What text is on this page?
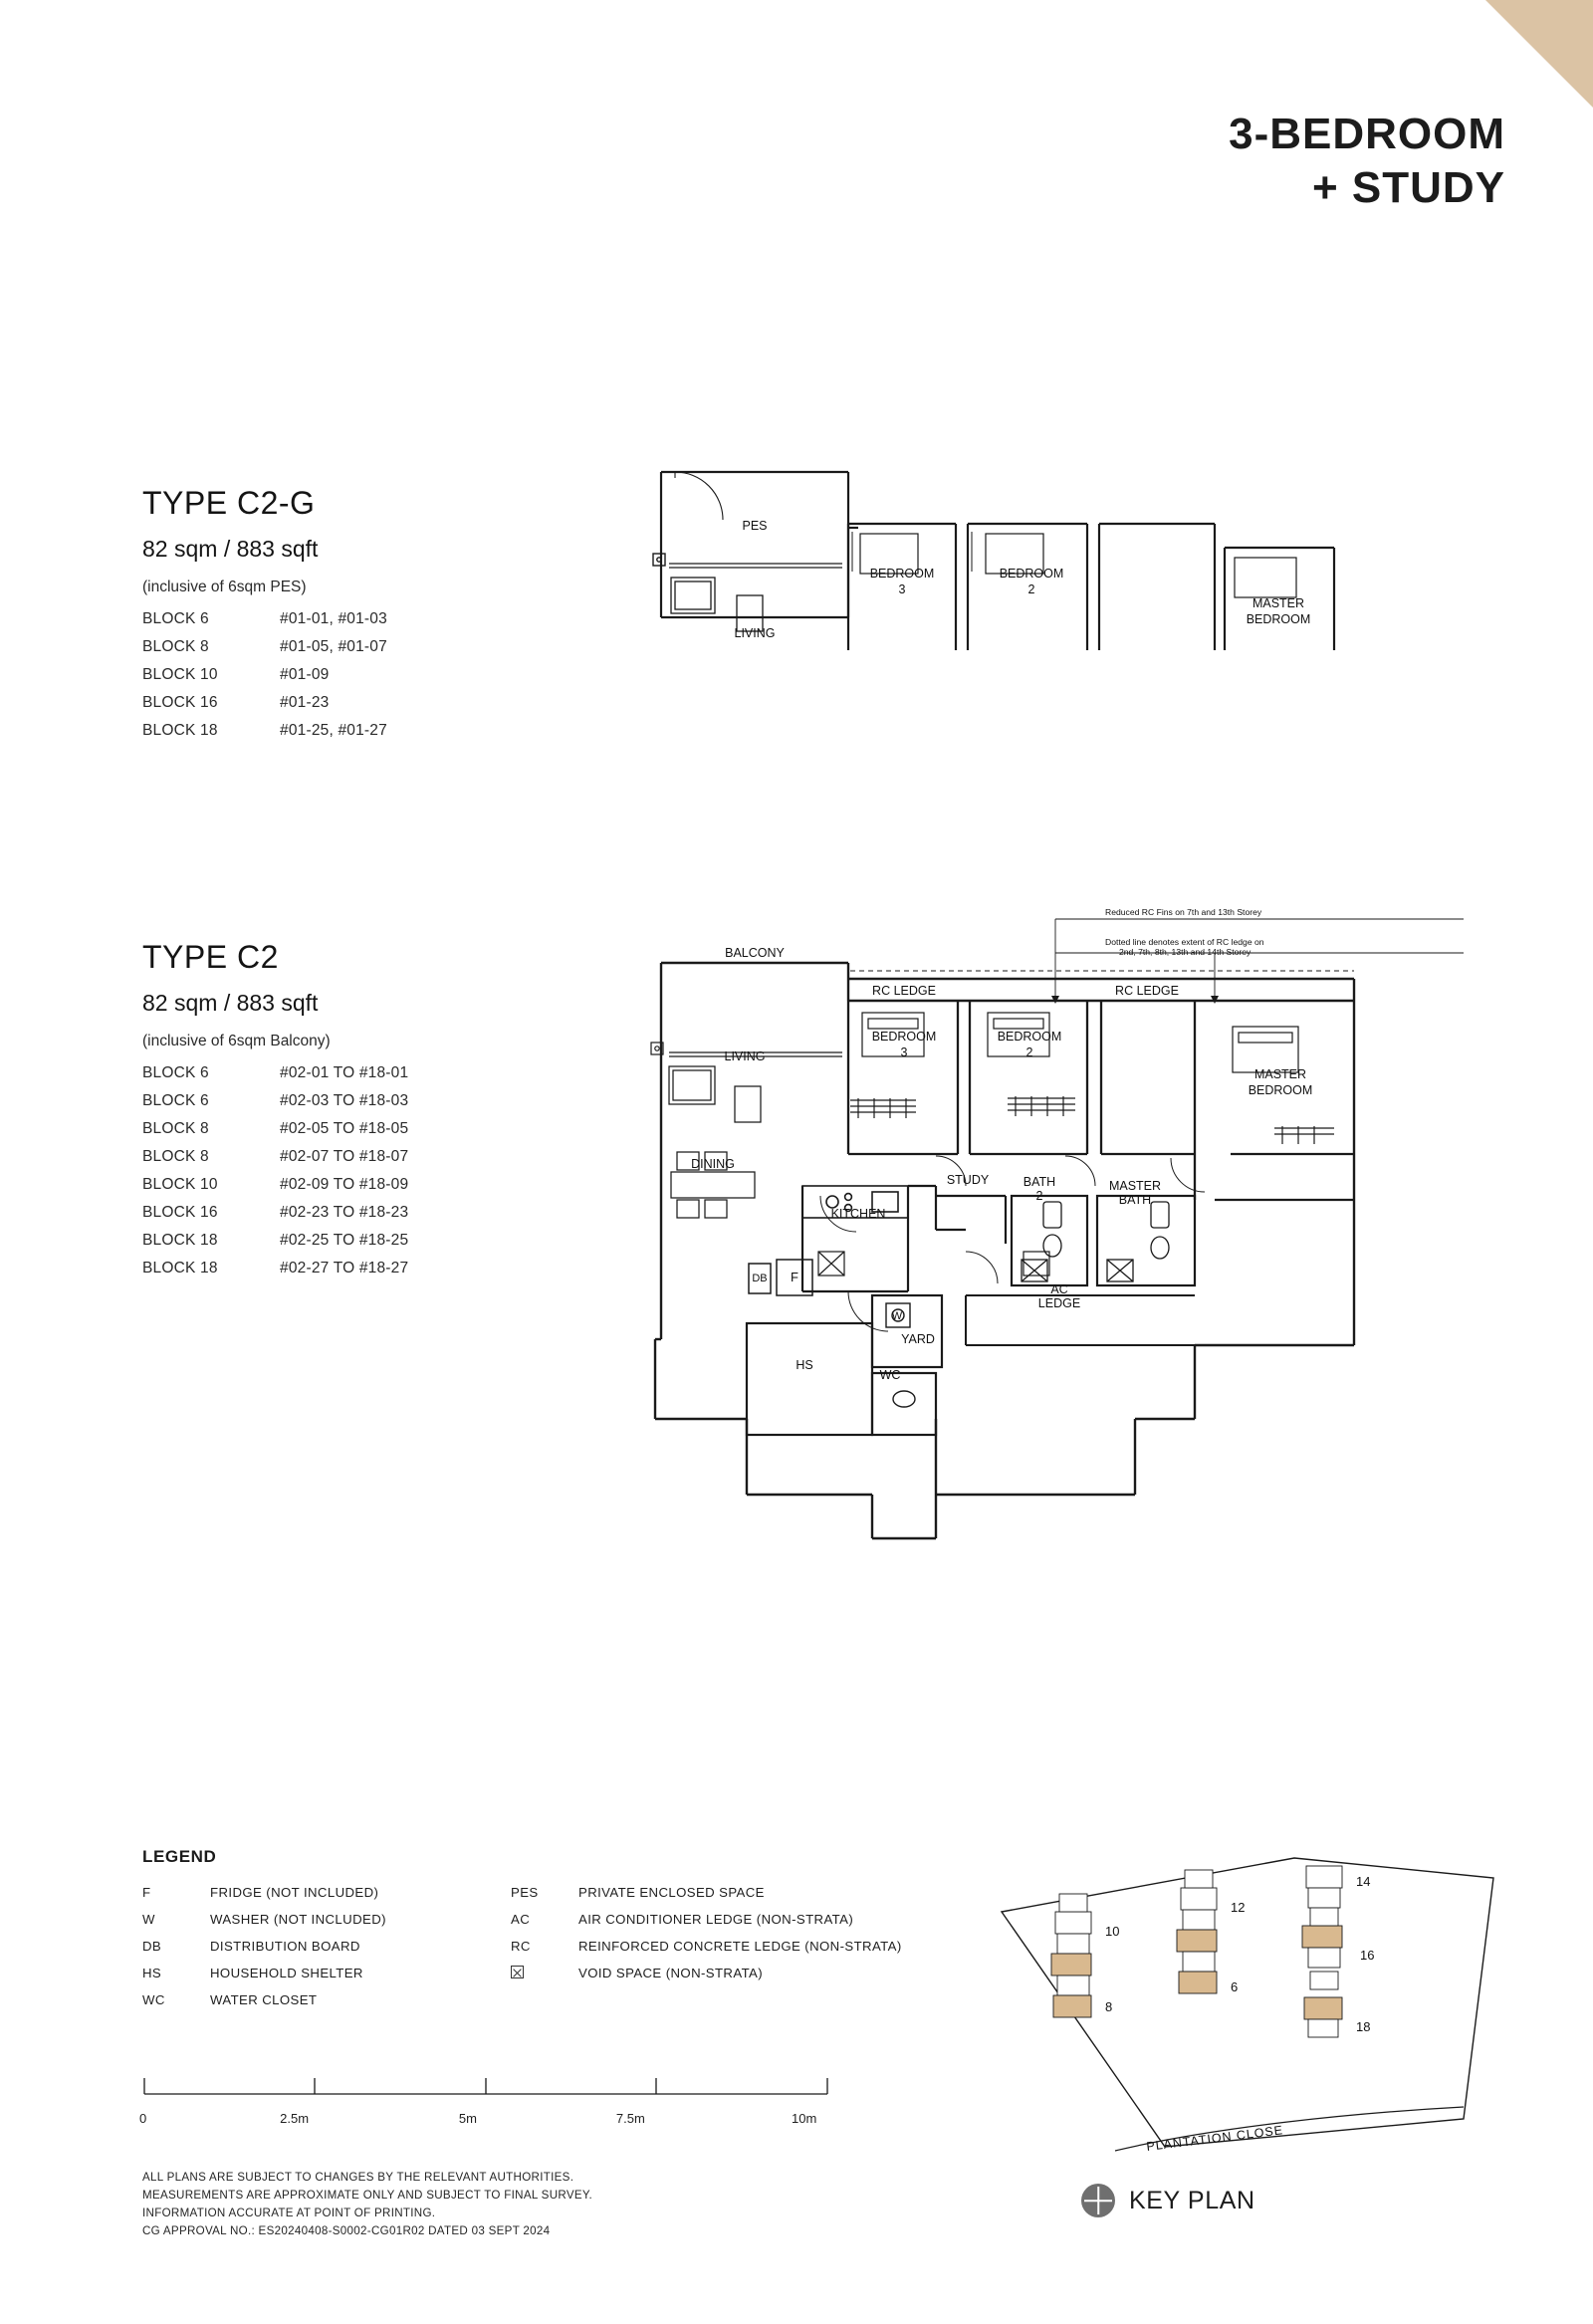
3-BEDROOM
+ STUDY
TYPE C2-G
82 sqm / 883 sqft
(inclusive of 6sqm PES)
BLOCK 6	#01-01, #01-03
BLOCK 8	#01-05, #01-07
BLOCK 10	#01-09
BLOCK 16	#01-23
BLOCK 18	#01-25, #01-27
TYPE C2
82 sqm / 883 sqft
(inclusive of 6sqm Balcony)
BLOCK 6	#02-01 TO #18-01
BLOCK 6	#02-03 TO #18-03
BLOCK 8	#02-05 TO #18-05
BLOCK 8	#02-07 TO #18-07
BLOCK 10	#02-09 TO #18-09
BLOCK 16	#02-23 TO #18-23
BLOCK 18	#02-25 TO #18-25
BLOCK 18	#02-27 TO #18-27
PES
LIVING
BEDROOM
3
BEDROOM
2
MASTER
BEDROOM
Reduced RC Fins on 7th and 13th Storey
Dotted line denotes extent of RC ledge on
2nd, 7th, 8th, 13th and 14th Storey
BALCONY
RC LEDGE	RC LEDGE
LIVING
DINING
KITCHEN
STUDY
BEDROOM
3
BEDROOM
2
MASTER
BEDROOM
BATH
2
MASTER
BATH
AC
LEDGE
YARD
HS
WC
DB F
W
LEGEND
F	FRIDGE (NOT INCLUDED)
W	WASHER (NOT INCLUDED)
DB	DISTRIBUTION BOARD
HS	HOUSEHOLD SHELTER
WC	WATER CLOSET
PES	PRIVATE ENCLOSED SPACE
AC	AIR CONDITIONER LEDGE (NON-STRATA)
RC	REINFORCED CONCRETE LEDGE (NON-STRATA)
	VOID SPACE (NON-STRATA)
0	2.5m	5m	7.5m	10m
ALL PLANS ARE SUBJECT TO CHANGES BY THE RELEVANT AUTHORITIES.
MEASUREMENTS ARE APPROXIMATE ONLY AND SUBJECT TO FINAL SURVEY.
INFORMATION ACCURATE AT POINT OF PRINTING.
CG APPROVAL NO.: ES20240408-S0002-CG01R02 DATED 03 SEPT 2024
10
8
12
6
14
16
18
PLANTATION CLOSE
KEY PLAN
